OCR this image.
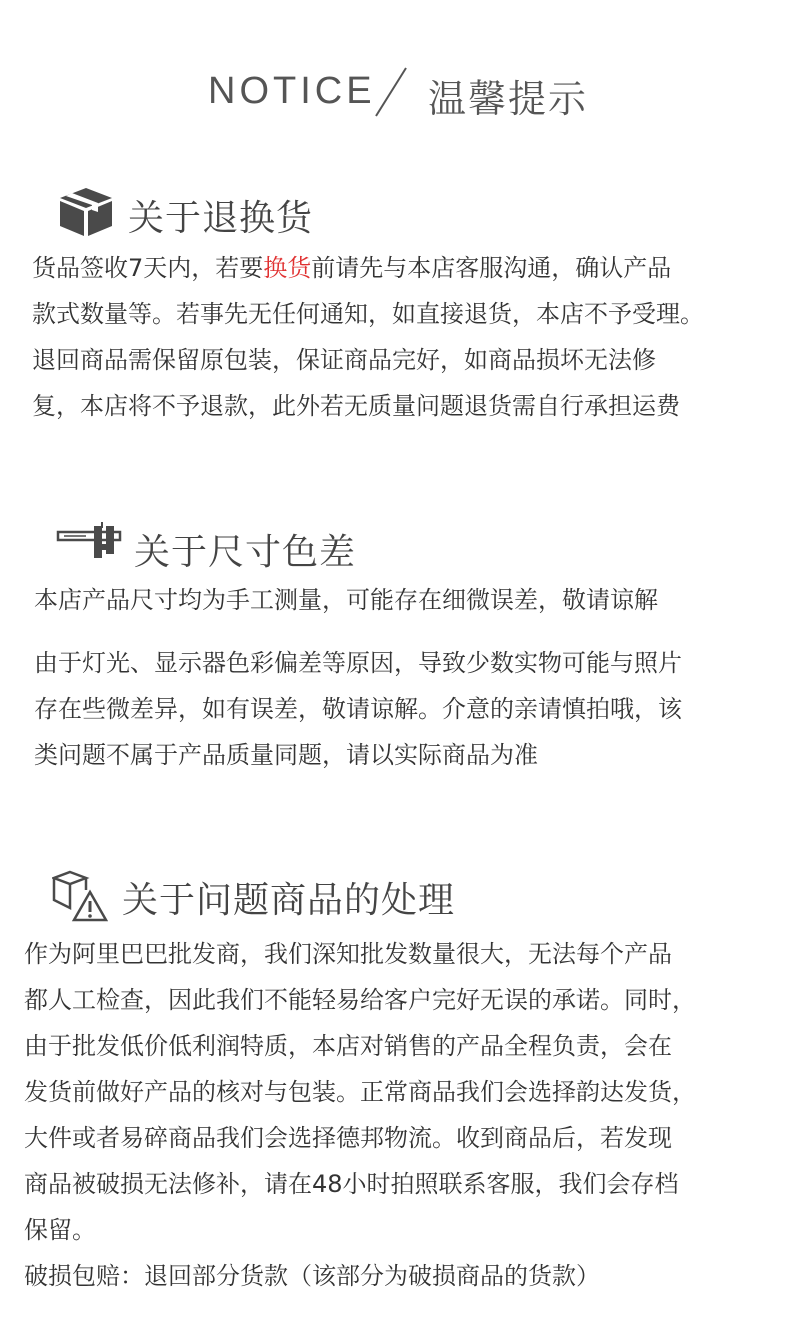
NOTICE 温馨提示
关于退换货
货品签收7天内，若要换货前请先与本店客服沟通，确认产品
款式数量等。若事先无任何通知，如直接退货，本店不予受理。
退回商品需保留原包装，保证商品完好，如商品损坏无法修
复，本店将不予退款，此外若无质量问题退货需自行承担运费
关于尺寸色差
本店产品尺寸均为手工测量，可能存在细微误差，敬请谅解
由于灯光、显示器色彩偏差等原因，导致少数实物可能与照片
存在些微差异，如有误差，敬请谅解。介意的亲请慎拍哦，该
类问题不属于产品质量同题，请以实际商品为准
关于问题商品的处理
作为阿里巴巴批发商，我们深知批发数量很大，无法每个产品
都人工检查，因此我们不能轻易给客户完好无误的承诺。同时，
由于批发低价低利润特质，本店对销售的产品全程负责，会在
发货前做好产品的核对与包装。正常商品我们会选择韵达发货，
大件或者易碎商品我们会选择德邦物流。收到商品后，若发现
商品被破损无法修补，请在48小时拍照联系客服，我们会存档
保留。
破损包赔：退回部分货款（该部分为破损商品的货款）
